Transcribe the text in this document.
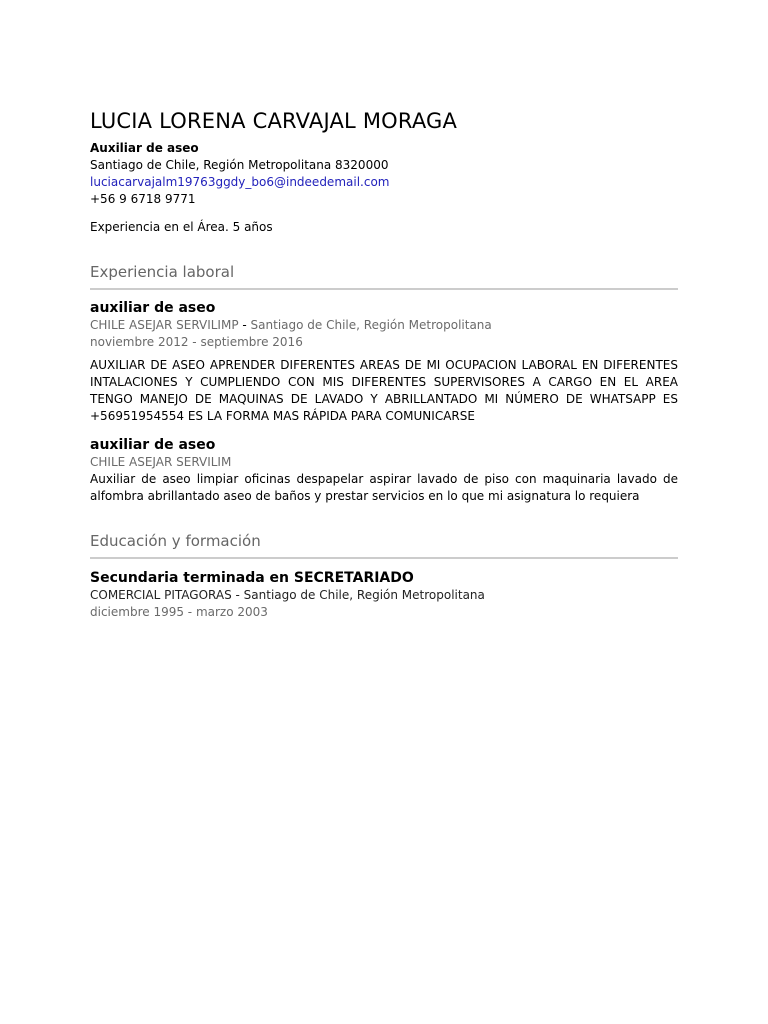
LUCIA LORENA CARVAJAL MORAGA
Auxiliar de aseo
Santiago de Chile, Región Metropolitana 8320000
luciacarvajalm19763ggdy_bo6@indeedemail.com
+56 9 6718 9771
Experiencia en el Área. 5 años
Experiencia laboral
auxiliar de aseo
CHILE ASEJAR SERVILIMP - Santiago de Chile, Región Metropolitana
noviembre 2012 - septiembre 2016
AUXILIAR DE ASEO APRENDER DIFERENTES AREAS DE MI OCUPACION LABORAL EN DIFERENTES INTALACIONES Y CUMPLIENDO CON MIS DIFERENTES SUPERVISORES A CARGO EN EL AREA TENGO MANEJO DE MAQUINAS DE LAVADO Y ABRILLANTADO MI NÚMERO DE WHATSAPP ES +56951954554 ES LA FORMA MAS RÁPIDA PARA COMUNICARSE
auxiliar de aseo
CHILE ASEJAR SERVILIM
Auxiliar de aseo limpiar oficinas despapelar aspirar lavado de piso con maquinaria lavado de alfombra abrillantado aseo de baños y prestar servicios en lo que mi asignatura lo requiera
Educación y formación
Secundaria terminada en SECRETARIADO
COMERCIAL PITAGORAS - Santiago de Chile, Región Metropolitana
diciembre 1995 - marzo 2003
